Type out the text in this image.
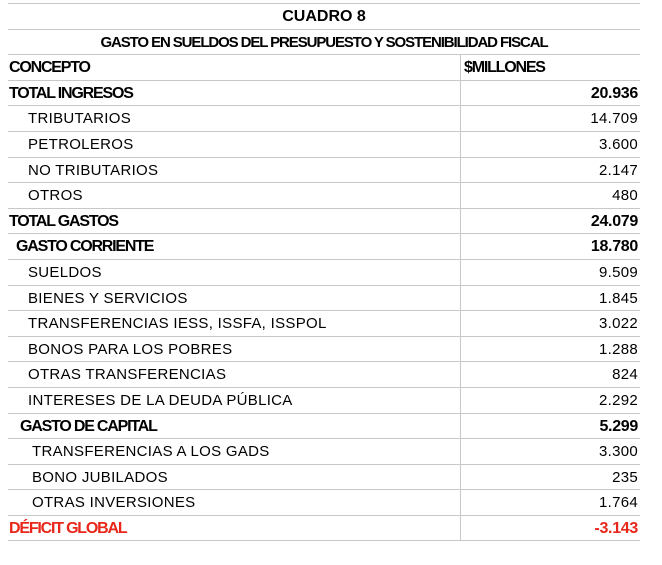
CUADRO 8
GASTO EN SUELDOS DEL PRESUPUESTO Y SOSTENIBILIDAD FISCAL
CONCEPTO	$MILLONES
TOTAL INGRESOS	20.936
TRIBUTARIOS	14.709
PETROLEROS	3.600
NO TRIBUTARIOS	2.147
OTROS	480
TOTAL GASTOS	24.079
GASTO CORRIENTE	18.780
SUELDOS	9.509
BIENES Y SERVICIOS	1.845
TRANSFERENCIAS IESS, ISSFA, ISSPOL	3.022
BONOS PARA LOS POBRES	1.288
OTRAS TRANSFERENCIAS	824
INTERESES DE LA DEUDA PÚBLICA	2.292
GASTO DE CAPITAL	5.299
TRANSFERENCIAS A LOS GADS	3.300
BONO JUBILADOS	235
OTRAS INVERSIONES	1.764
DÉFICIT GLOBAL	-3.143
